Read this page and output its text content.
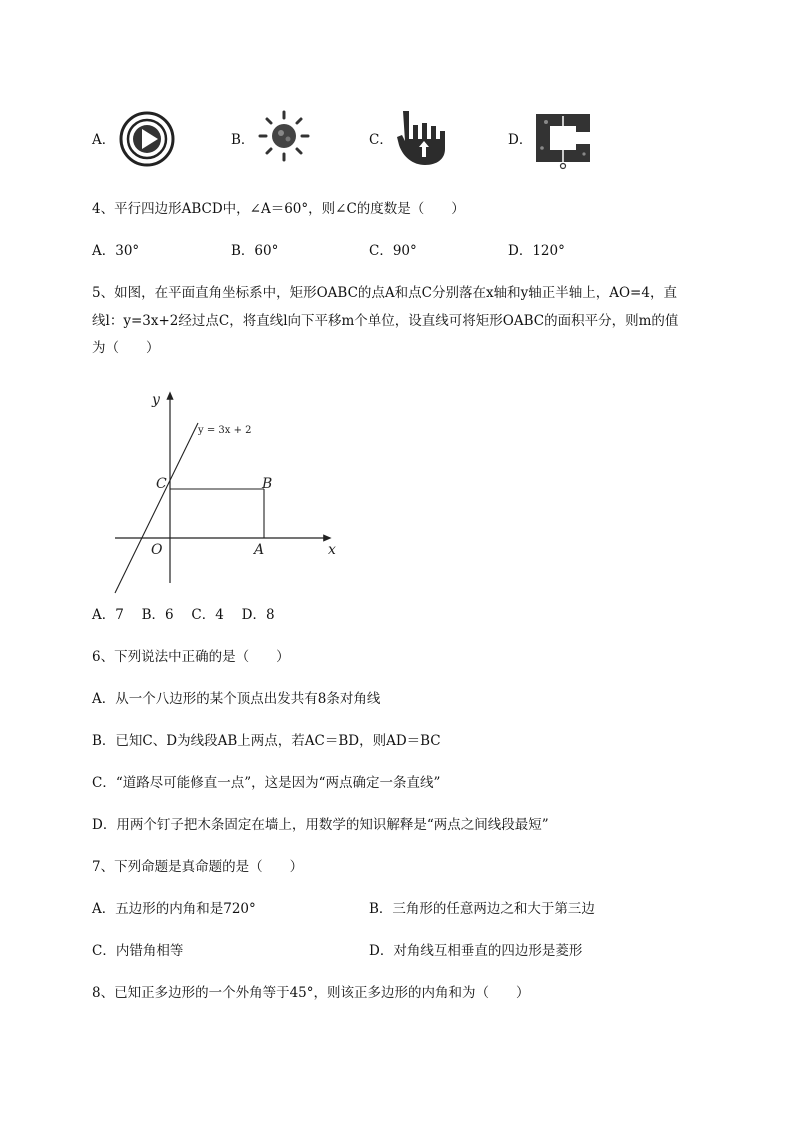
A．	B．	C．	D．
4、平行四边形ABCD中，∠A＝60°，则∠C的度数是（　　）
A．30°	B．60°	C．90°	D．120°
5、如图，在平面直角坐标系中，矩形OABC的点A和点C分别落在x轴和y轴正半轴上，AO=4，直
线l：y=3x+2经过点C，将直线l向下平移m个单位，设直线可将矩形OABC的面积平分，则m的值
为（　　）
y = 3x + 2
y
x
O	A
B
C
A．7　 B．6　 C．4　 D．8
6、下列说法中正确的是（　　）
A．从一个八边形的某个顶点出发共有8条对角线
B．已知C、D为线段AB上两点，若AC＝BD，则AD＝BC
C．“道路尽可能修直一点”，这是因为“两点确定一条直线”
D．用两个钉子把木条固定在墙上，用数学的知识解释是“两点之间线段最短”
7、下列命题是真命题的是（　　）
A．五边形的内角和是720°	B．三角形的任意两边之和大于第三边
C．内错角相等	D．对角线互相垂直的四边形是菱形
8、已知正多边形的一个外角等于45°，则该正多边形的内角和为（　　）
